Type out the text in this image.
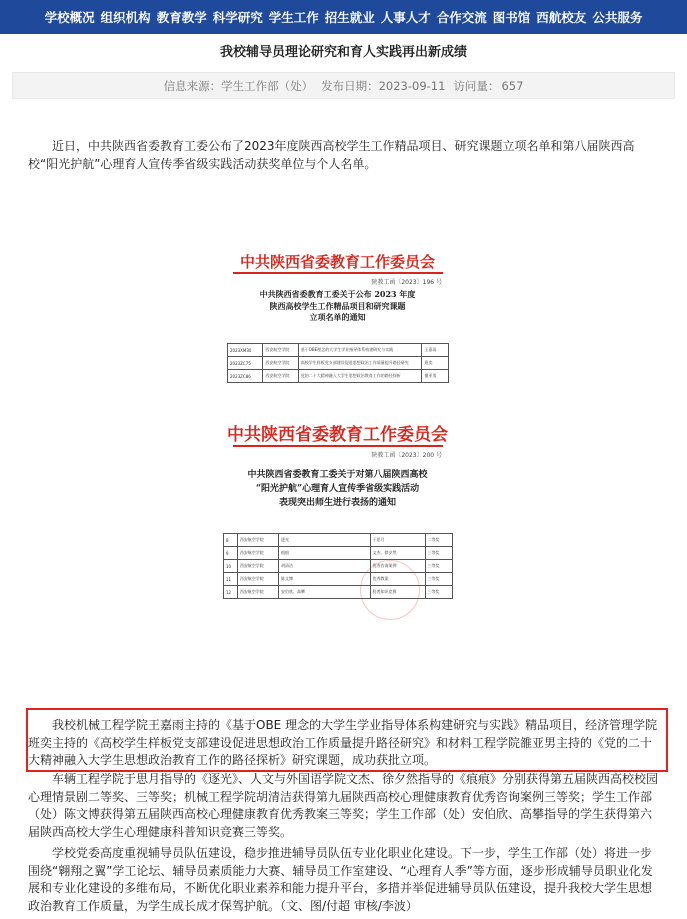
学校概况 组织机构 教育教学 科学研究 学生工作 招生就业 人事人才 合作交流 图书馆 西航校友 公共服务
我校辅导员理论研究和育人实践再出新成绩
信息来源：学生工作部（处） 发布日期：2023-09-11 访问量： 657

近日，中共陕西省委教育工委公布了2023年度陕西高校学生工作精品项目、研究课题立项名单和第八届陕西高校“阳光护航”心理育人宣传季省级实践活动获奖单位与个人名单。

中共陕西省委教育工作委员会
陕教工函〔2023〕196 号
中共陕西省委教育工委关于公布 2023 年度
陕西高校学生工作精品项目和研究课题
立项名单的通知
2023XM30	西安航空学院	基于OBE理念的大学生学业指导体系构建研究与实践	王嘉雨
2023ZC75	西安航空学院	高校学生样板党支部建设促进思想政治工作质量提升路径研究	班奕
2023ZC86	西安航空学院	党的二十大精神融入大学生思想政治教育工作的路径探析	雒亚男
中共陕西省委教育工作委员会
陕教工函〔2023〕200 号
中共陕西省委教育工委关于对第八届陕西高校
“阳光护航”心理育人宣传季省级实践活动
表现突出师生进行表扬的通知
8	西安航空学院	逐光	于思月	二等奖
9	西安航空学院	痕痕	文杰、徐夕然	三等奖
10	西安航空学院	胡清洁	优秀咨询案例	三等奖
11	西安航空学院	陈文博	优秀教案	三等奖
12	西安航空学院	安伯欣、高攀	科普知识竞赛	三等奖

我校机械工程学院王嘉雨主持的《基于OBE 理念的大学生学业指导体系构建研究与实践》精品项目，经济管理学院班奕主持的《高校学生样板党支部建设促进思想政治工作质量提升路径研究》和材料工程学院雒亚男主持的《党的二十大精神融入大学生思想政治教育工作的路径探析》研究课题，成功获批立项。

车辆工程学院于思月指导的《逐光》、人文与外国语学院文杰、徐夕然指导的《痕痕》分别获得第五届陕西高校校园心理情景剧二等奖、三等奖；机械工程学院胡清洁获得第九届陕西高校心理健康教育优秀咨询案例三等奖；学生工作部（处）陈文博获得第五届陕西高校心理健康教育优秀教案三等奖；学生工作部（处）安伯欣、高攀指导的学生获得第六届陕西高校大学生心理健康科普知识竞赛三等奖。

学校党委高度重视辅导员队伍建设，稳步推进辅导员队伍专业化职业化建设。下一步，学生工作部（处）将进一步围绕“翱翔之翼”学工论坛、辅导员素质能力大赛、辅导员工作室建设、“心理育人季”等方面，逐步形成辅导员职业化发展和专业化建设的多维布局，不断优化职业素养和能力提升平台，多措并举促进辅导员队伍建设，提升我校大学生思想政治教育工作质量，为学生成长成才保驾护航。（文、图/付超 审核/李波）
